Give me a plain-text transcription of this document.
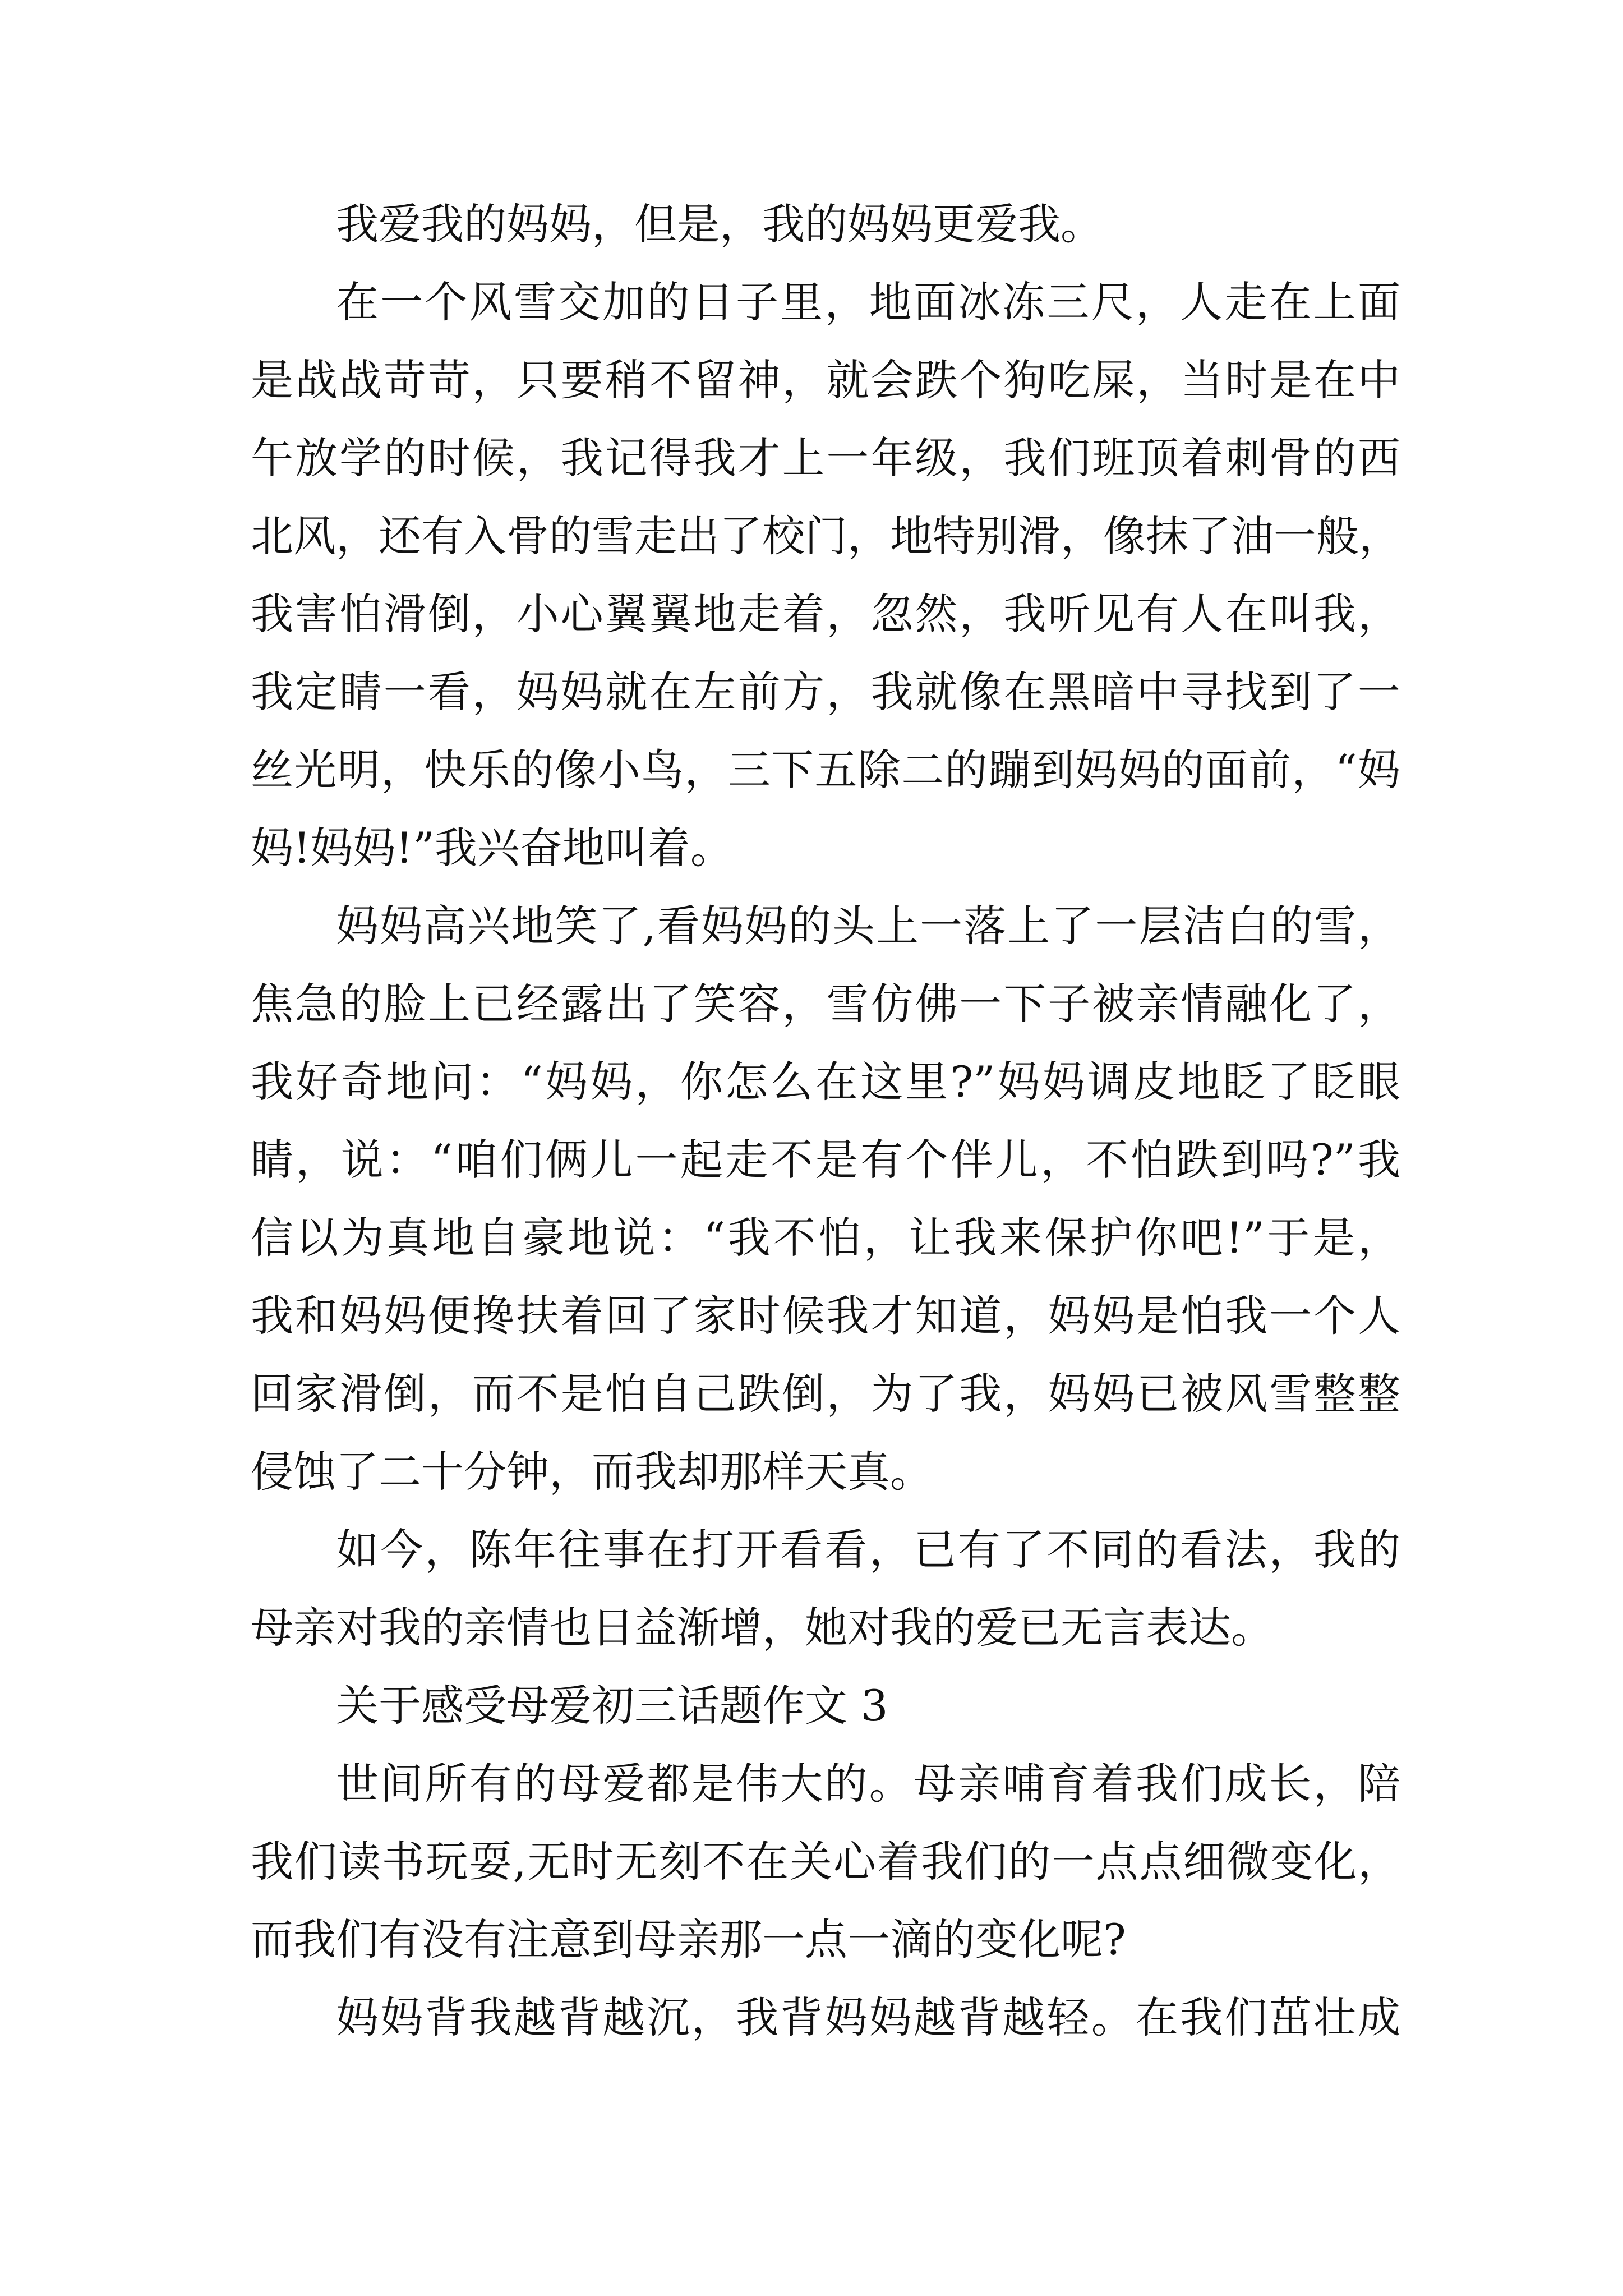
我爱我的妈妈，但是，我的妈妈更爱我。
在一个风雪交加的日子里，地面冰冻三尺，人走在上面
是战战苛苛，只要稍不留神，就会跌个狗吃屎，当时是在中
午放学的时候，我记得我才上一年级，我们班顶着刺骨的西
北风，还有入骨的雪走出了校门，地特别滑，像抹了油一般，
我害怕滑倒，小心翼翼地走着，忽然，我听见有人在叫我，
我定睛一看，妈妈就在左前方，我就像在黑暗中寻找到了一
丝光明，快乐的像小鸟，三下五除二的蹦到妈妈的面前，“妈
妈!妈妈!”我兴奋地叫着。
妈妈高兴地笑了,看妈妈的头上一落上了一层洁白的雪，
焦急的脸上已经露出了笑容，雪仿佛一下子被亲情融化了，
我好奇地问：“妈妈，你怎么在这里?”妈妈调皮地眨了眨眼
睛，说：“咱们俩儿一起走不是有个伴儿，不怕跌到吗?”我
信以为真地自豪地说：“我不怕，让我来保护你吧!”于是，
我和妈妈便搀扶着回了家时候我才知道，妈妈是怕我一个人
回家滑倒，而不是怕自己跌倒，为了我，妈妈已被风雪整整
侵蚀了二十分钟，而我却那样天真。
如今，陈年往事在打开看看，已有了不同的看法，我的
母亲对我的亲情也日益渐增，她对我的爱已无言表达。
关于感受母爱初三话题作文 3
世间所有的母爱都是伟大的。母亲哺育着我们成长，陪
我们读书玩耍,无时无刻不在关心着我们的一点点细微变化，
而我们有没有注意到母亲那一点一滴的变化呢?
妈妈背我越背越沉，我背妈妈越背越轻。在我们茁壮成
